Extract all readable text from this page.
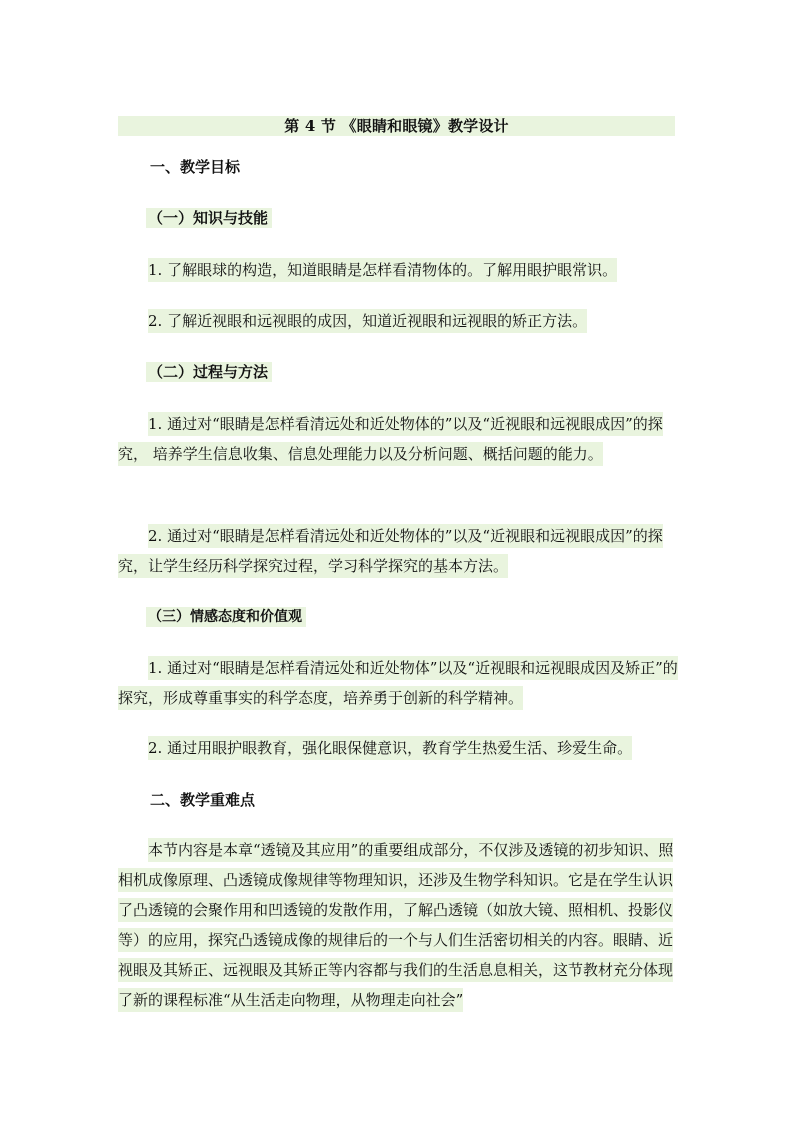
第 4 节 《眼睛和眼镜》教学设计
一、教学目标
（一）知识与技能
1. 了解眼球的构造，知道眼睛是怎样看清物体的。了解用眼护眼常识。
2. 了解近视眼和远视眼的成因，知道近视眼和远视眼的矫正方法。
（二）过程与方法
1. 通过对“眼睛是怎样看清远处和近处物体的”以及“近视眼和远视眼成因”的探究， 培养学生信息收集、信息处理能力以及分析问题、概括问题的能力。
2. 通过对“眼睛是怎样看清远处和近处物体的”以及“近视眼和远视眼成因”的探究，让学生经历科学探究过程，学习科学探究的基本方法。
（三）情感态度和价值观
1. 通过对“眼睛是怎样看清远处和近处物体”以及“近视眼和远视眼成因及矫正”的探究，形成尊重事实的科学态度，培养勇于创新的科学精神。
2. 通过用眼护眼教育，强化眼保健意识，教育学生热爱生活、珍爱生命。
二、教学重难点
本节内容是本章“透镜及其应用”的重要组成部分，不仅涉及透镜的初步知识、照相机成像原理、凸透镜成像规律等物理知识，还涉及生物学科知识。它是在学生认识了凸透镜的会聚作用和凹透镜的发散作用，了解凸透镜（如放大镜、照相机、投影仪等）的应用，探究凸透镜成像的规律后的一个与人们生活密切相关的内容。眼睛、近视眼及其矫正、远视眼及其矫正等内容都与我们的生活息息相关，这节教材充分体现了新的课程标准“从生活走向物理，从物理走向社会”
